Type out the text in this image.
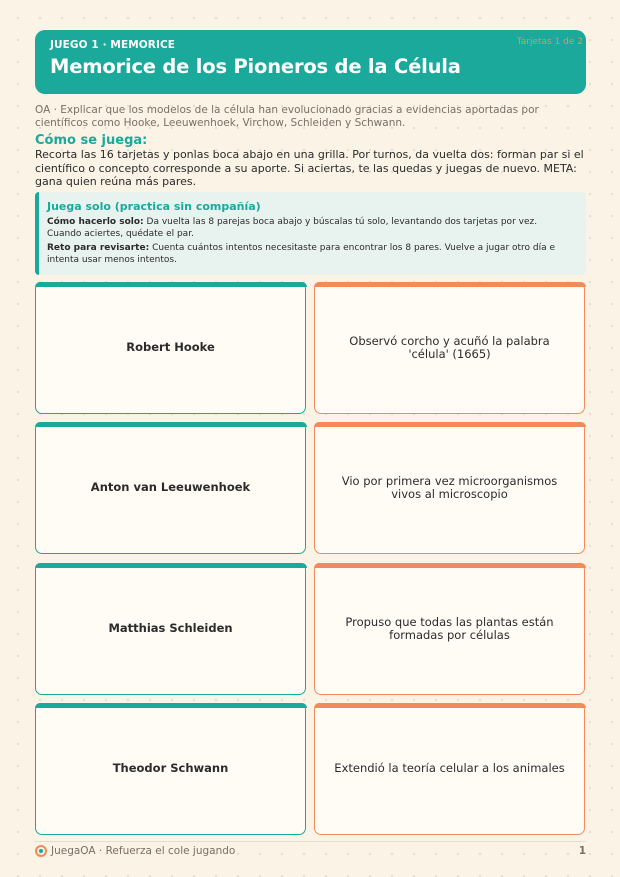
JUEGO 1 · MEMORICE
Memorice de los Pioneros de la Célula
Tarjetas 1 de 2
OA · Explicar que los modelos de la célula han evolucionado gracias a evidencias aportadas por científicos como Hooke, Leeuwenhoek, Virchow, Schleiden y Schwann.
Cómo se juega:
Recorta las 16 tarjetas y ponlas boca abajo en una grilla. Por turnos, da vuelta dos: forman par si el científico o concepto corresponde a su aporte. Si aciertas, te las quedas y juegas de nuevo. META: gana quien reúna más pares.
Juega solo (practica sin compañía)
Cómo hacerlo solo: Da vuelta las 8 parejas boca abajo y búscalas tú solo, levantando dos tarjetas por vez. Cuando aciertes, quédate el par.
Reto para revisarte: Cuenta cuántos intentos necesitaste para encontrar los 8 pares. Vuelve a jugar otro día e intenta usar menos intentos.
Robert Hooke	Observó corcho y acuñó la palabra 'célula' (1665)
Anton van Leeuwenhoek	Vio por primera vez microorganismos vivos al microscopio
Matthias Schleiden	Propuso que todas las plantas están formadas por células
Theodor Schwann	Extendió la teoría celular a los animales
JuegaOA · Refuerza el cole jugando	1
